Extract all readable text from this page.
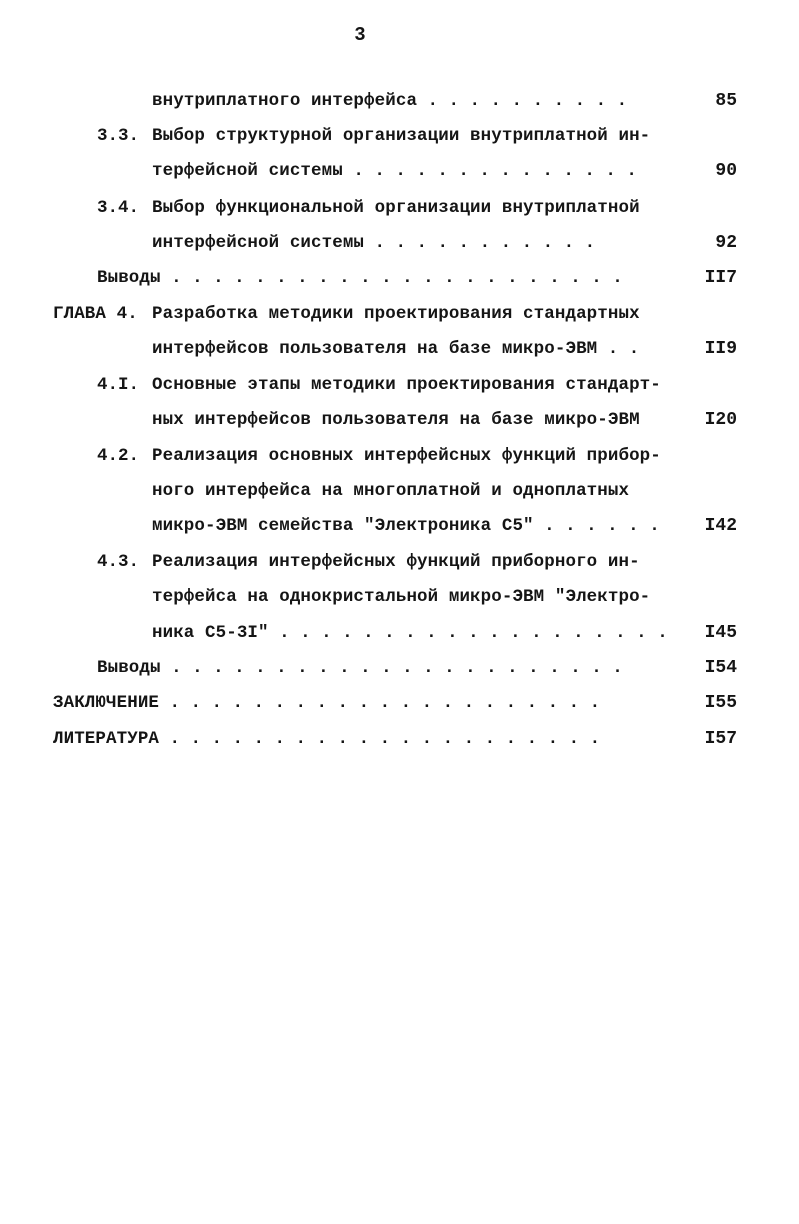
3
внутриплатного интерфейса . . . . . . . . . .	85
3.3. Выбор структурной организации внутриплатной ин-
терфейсной системы . . . . . . . . . . . . . .	90
3.4. Выбор функциональной организации внутриплатной
интерфейсной системы . . . . . . . . . . .	92
Выводы . . . . . . . . . . . . . . . . . . . . . .	II7
ГЛАВА 4. Разработка методики проектирования стандартных
интерфейсов пользователя на базе микро-ЭВМ . .	II9
4.I. Основные этапы методики проектирования стандарт-
ных интерфейсов пользователя на базе микро-ЭВМ	I20
4.2. Реализация основных интерфейсных функций прибор-
ного интерфейса на многоплатной и одноплатных
микро-ЭВМ семейства "Электроника С5" . . . . . . I42
4.3. Реализация интерфейсных функций приборного ин-
терфейса на однокристальной микро-ЭВМ "Электро-
ника С5-3I" . . . . . . . . . . . . . . . . . . . I45
Выводы . . . . . . . . . . . . . . . . . . . . . .	I54
ЗАКЛЮЧЕНИЕ . . . . . . . . . . . . . . . . . . . . .	I55
ЛИТЕРАТУРА . . . . . . . . . . . . . . . . . . . . .	I57
